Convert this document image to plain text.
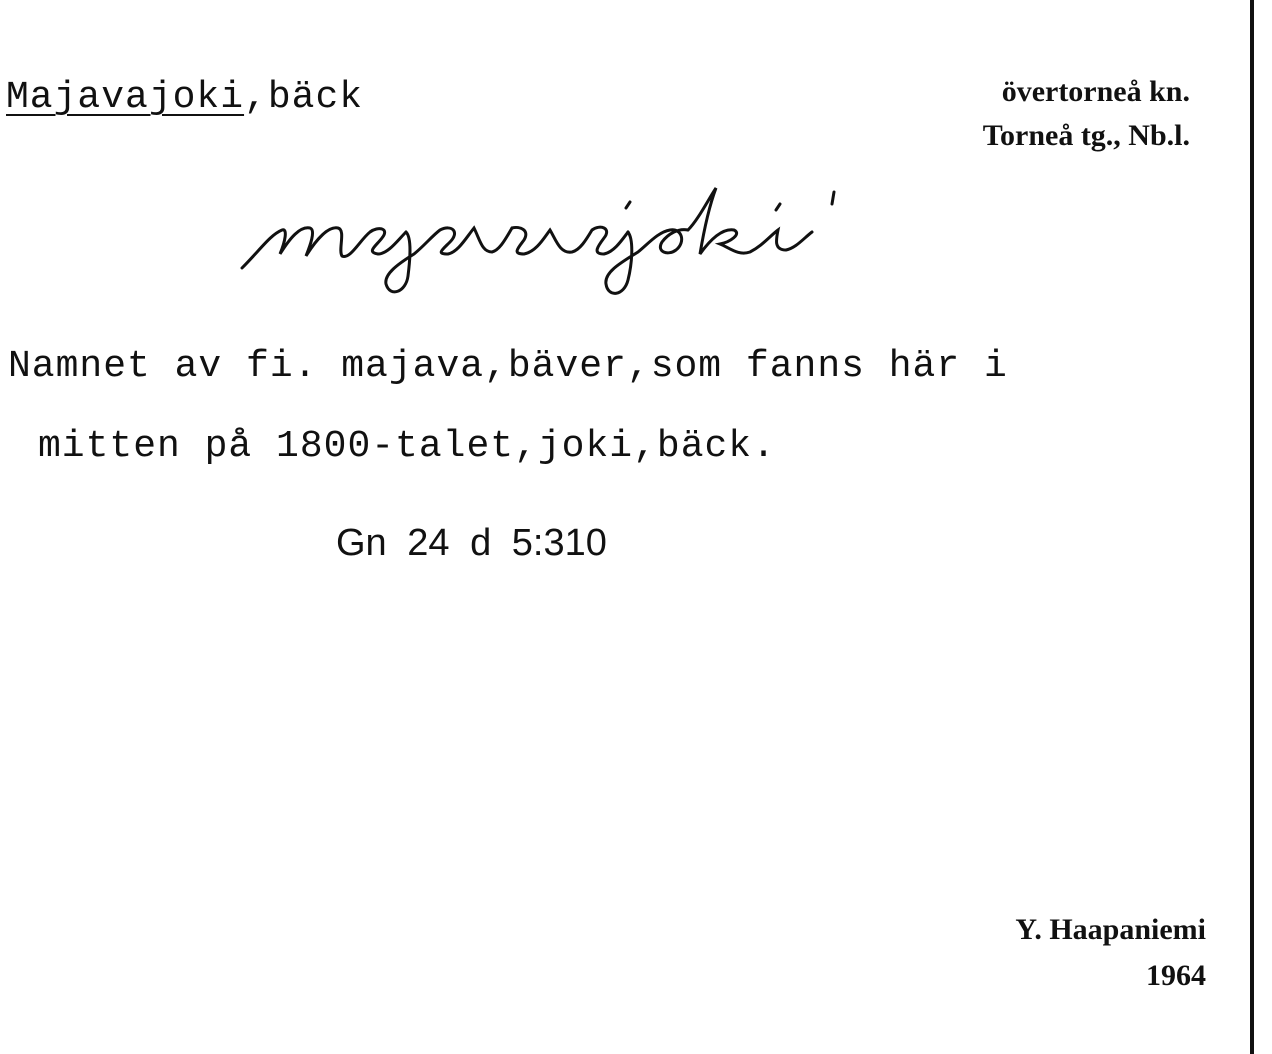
Majavajoki,bäck	övertorneå kn.
Torneå tg., Nb.l.
Namnet av fi. majava,bäver,som fanns här i
mitten på 1800-talet,joki,bäck.
Gn 24 d 5:310
Y. Haapaniemi
1964
